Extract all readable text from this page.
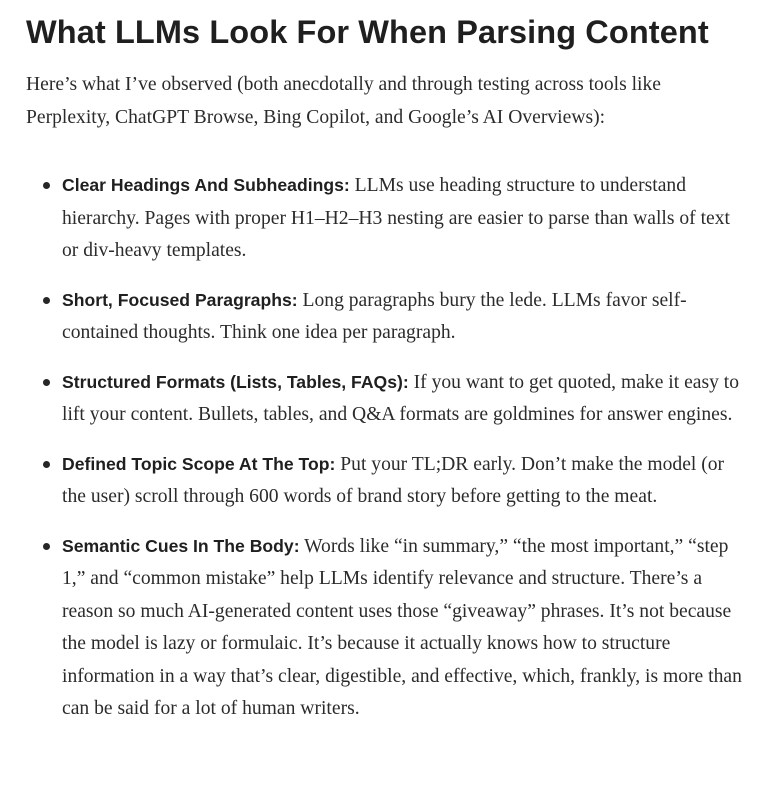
What LLMs Look For When Parsing Content

Here’s what I’ve observed (both anecdotally and through testing across tools like Perplexity, ChatGPT Browse, Bing Copilot, and Google’s AI Overviews):

Clear Headings And Subheadings: LLMs use heading structure to understand hierarchy. Pages with proper H1–H2–H3 nesting are easier to parse than walls of text or div-heavy templates.
Short, Focused Paragraphs: Long paragraphs bury the lede. LLMs favor self-contained thoughts. Think one idea per paragraph.
Structured Formats (Lists, Tables, FAQs): If you want to get quoted, make it easy to lift your content. Bullets, tables, and Q&A formats are goldmines for answer engines.
Defined Topic Scope At The Top: Put your TL;DR early. Don’t make the model (or the user) scroll through 600 words of brand story before getting to the meat.
Semantic Cues In The Body: Words like “in summary,” “the most important,” “step 1,” and “common mistake” help LLMs identify relevance and structure. There’s a reason so much AI-generated content uses those “giveaway” phrases. It’s not because the model is lazy or formulaic. It’s because it actually knows how to structure information in a way that’s clear, digestible, and effective, which, frankly, is more than can be said for a lot of human writers.
